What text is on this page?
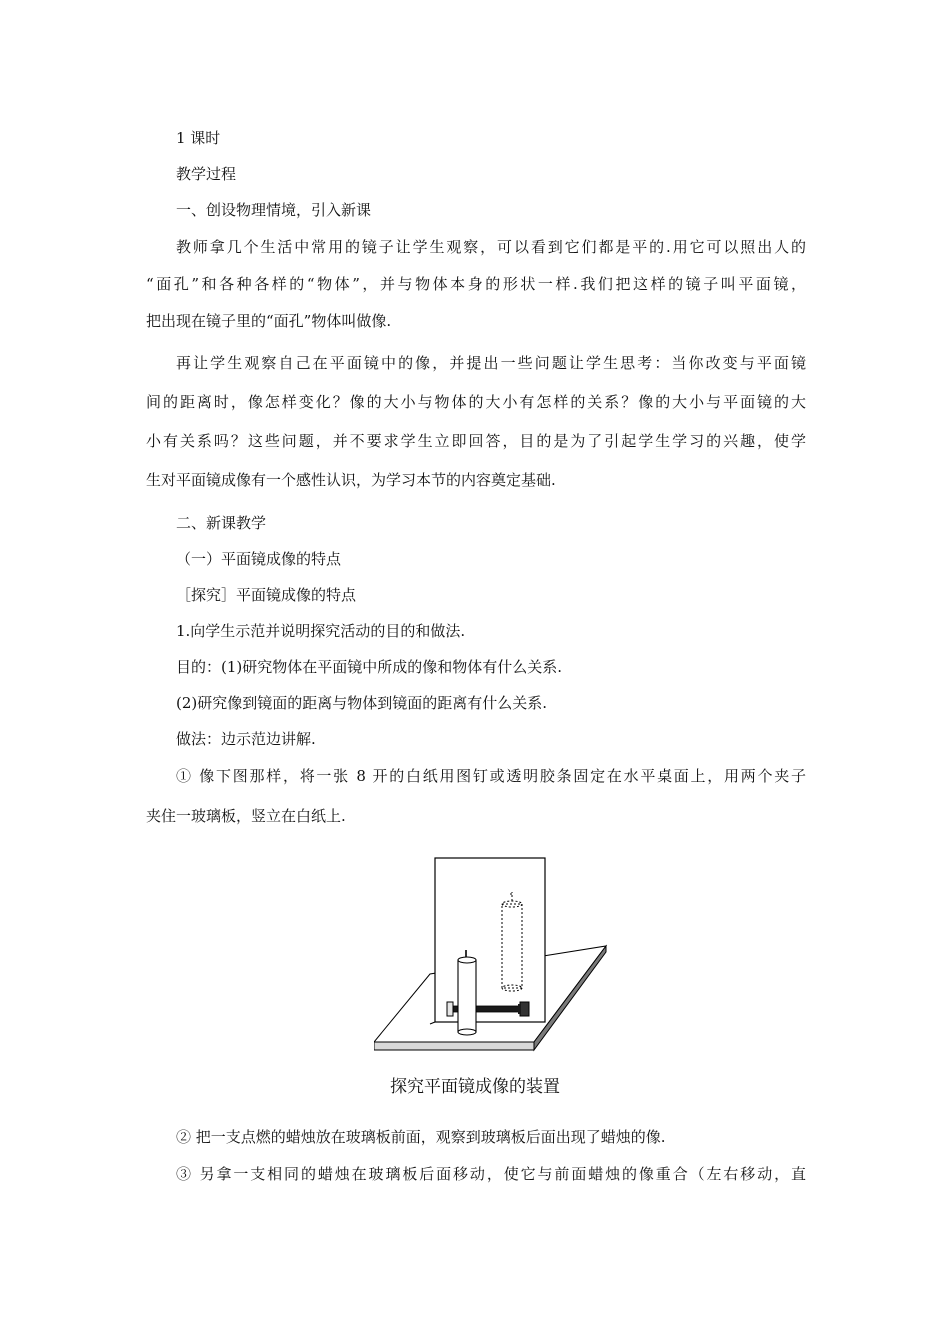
1 课时
教学过程
一、创设物理情境，引入新课
教师拿几个生活中常用的镜子让学生观察，可以看到它们都是平的.用它可以照出人的
“面孔”和各种各样的“物体”，并与物体本身的形状一样.我们把这样的镜子叫平面镜，
把出现在镜子里的“面孔”物体叫做像.
再让学生观察自己在平面镜中的像，并提出一些问题让学生思考：当你改变与平面镜
间的距离时，像怎样变化？像的大小与物体的大小有怎样的关系？像的大小与平面镜的大
小有关系吗？这些问题，并不要求学生立即回答，目的是为了引起学生学习的兴趣，使学
生对平面镜成像有一个感性认识，为学习本节的内容奠定基础.
二、新课教学
（一）平面镜成像的特点
［探究］平面镜成像的特点
1.向学生示范并说明探究活动的目的和做法.
目的：(1)研究物体在平面镜中所成的像和物体有什么关系.
(2)研究像到镜面的距离与物体到镜面的距离有什么关系.
做法：边示范边讲解.
① 像下图那样，将一张 8 开的白纸用图钉或透明胶条固定在水平桌面上，用两个夹子
夹住一玻璃板，竖立在白纸上.
探究平面镜成像的装置
② 把一支点燃的蜡烛放在玻璃板前面，观察到玻璃板后面出现了蜡烛的像.
③ 另拿一支相同的蜡烛在玻璃板后面移动，使它与前面蜡烛的像重合（左右移动，直
